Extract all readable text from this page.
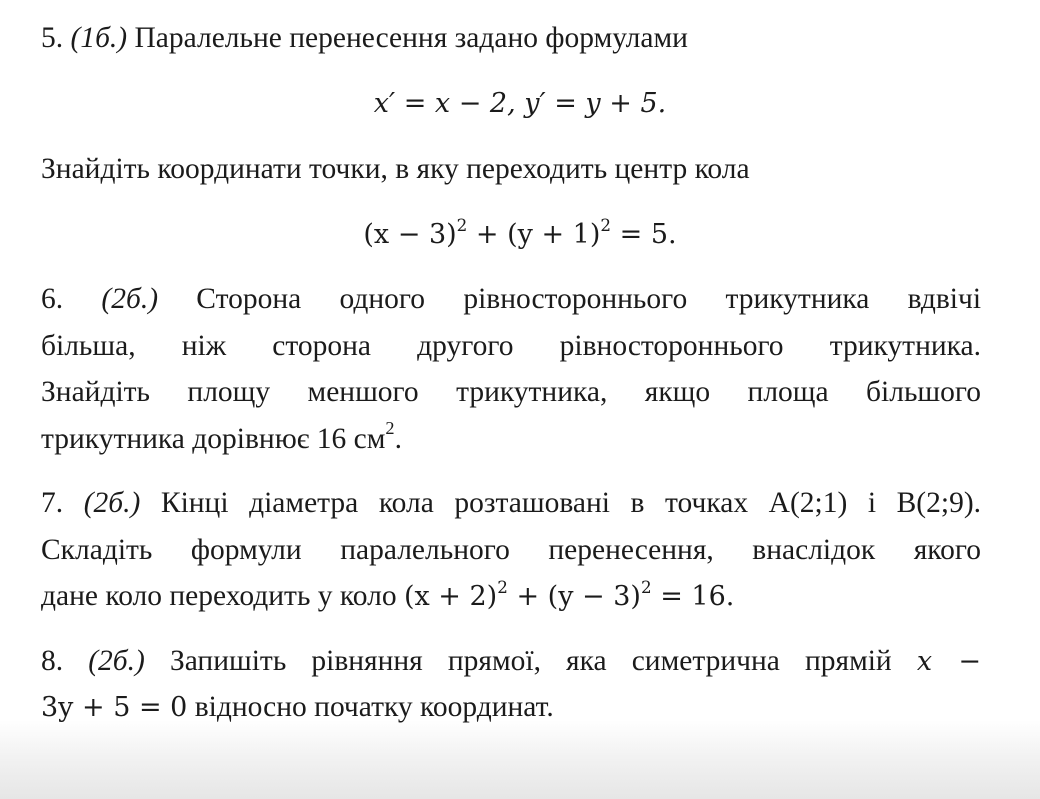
5. (1б.) Паралельне перенесення задано формулами
x′ = x − 2, y′ = y + 5.
Знайдіть координати точки, в яку переходить центр кола
$(x - 3)^2 + (y + 1)^2 = 5$.
6. (2б.) Сторона одного рівностороннього трикутника вдвічі
більша, ніж сторона другого рівностороннього трикутника.
Знайдіть площу меншого трикутника, якщо площа більшого
трикутника дорівнює 16 $см^2$.
7. (2б.) Кінці діаметра кола розташовані в точках A(2;1) і B(2;9).
Складіть формули паралельного перенесення, внаслідок якого
дане коло переходить у коло $(x + 2)^2 + (y - 3)^2 = 16$.
8. (2б.) Запишіть рівняння прямої, яка симетрична прямій x −
3y + 5 = 0 відносно початку координат.
